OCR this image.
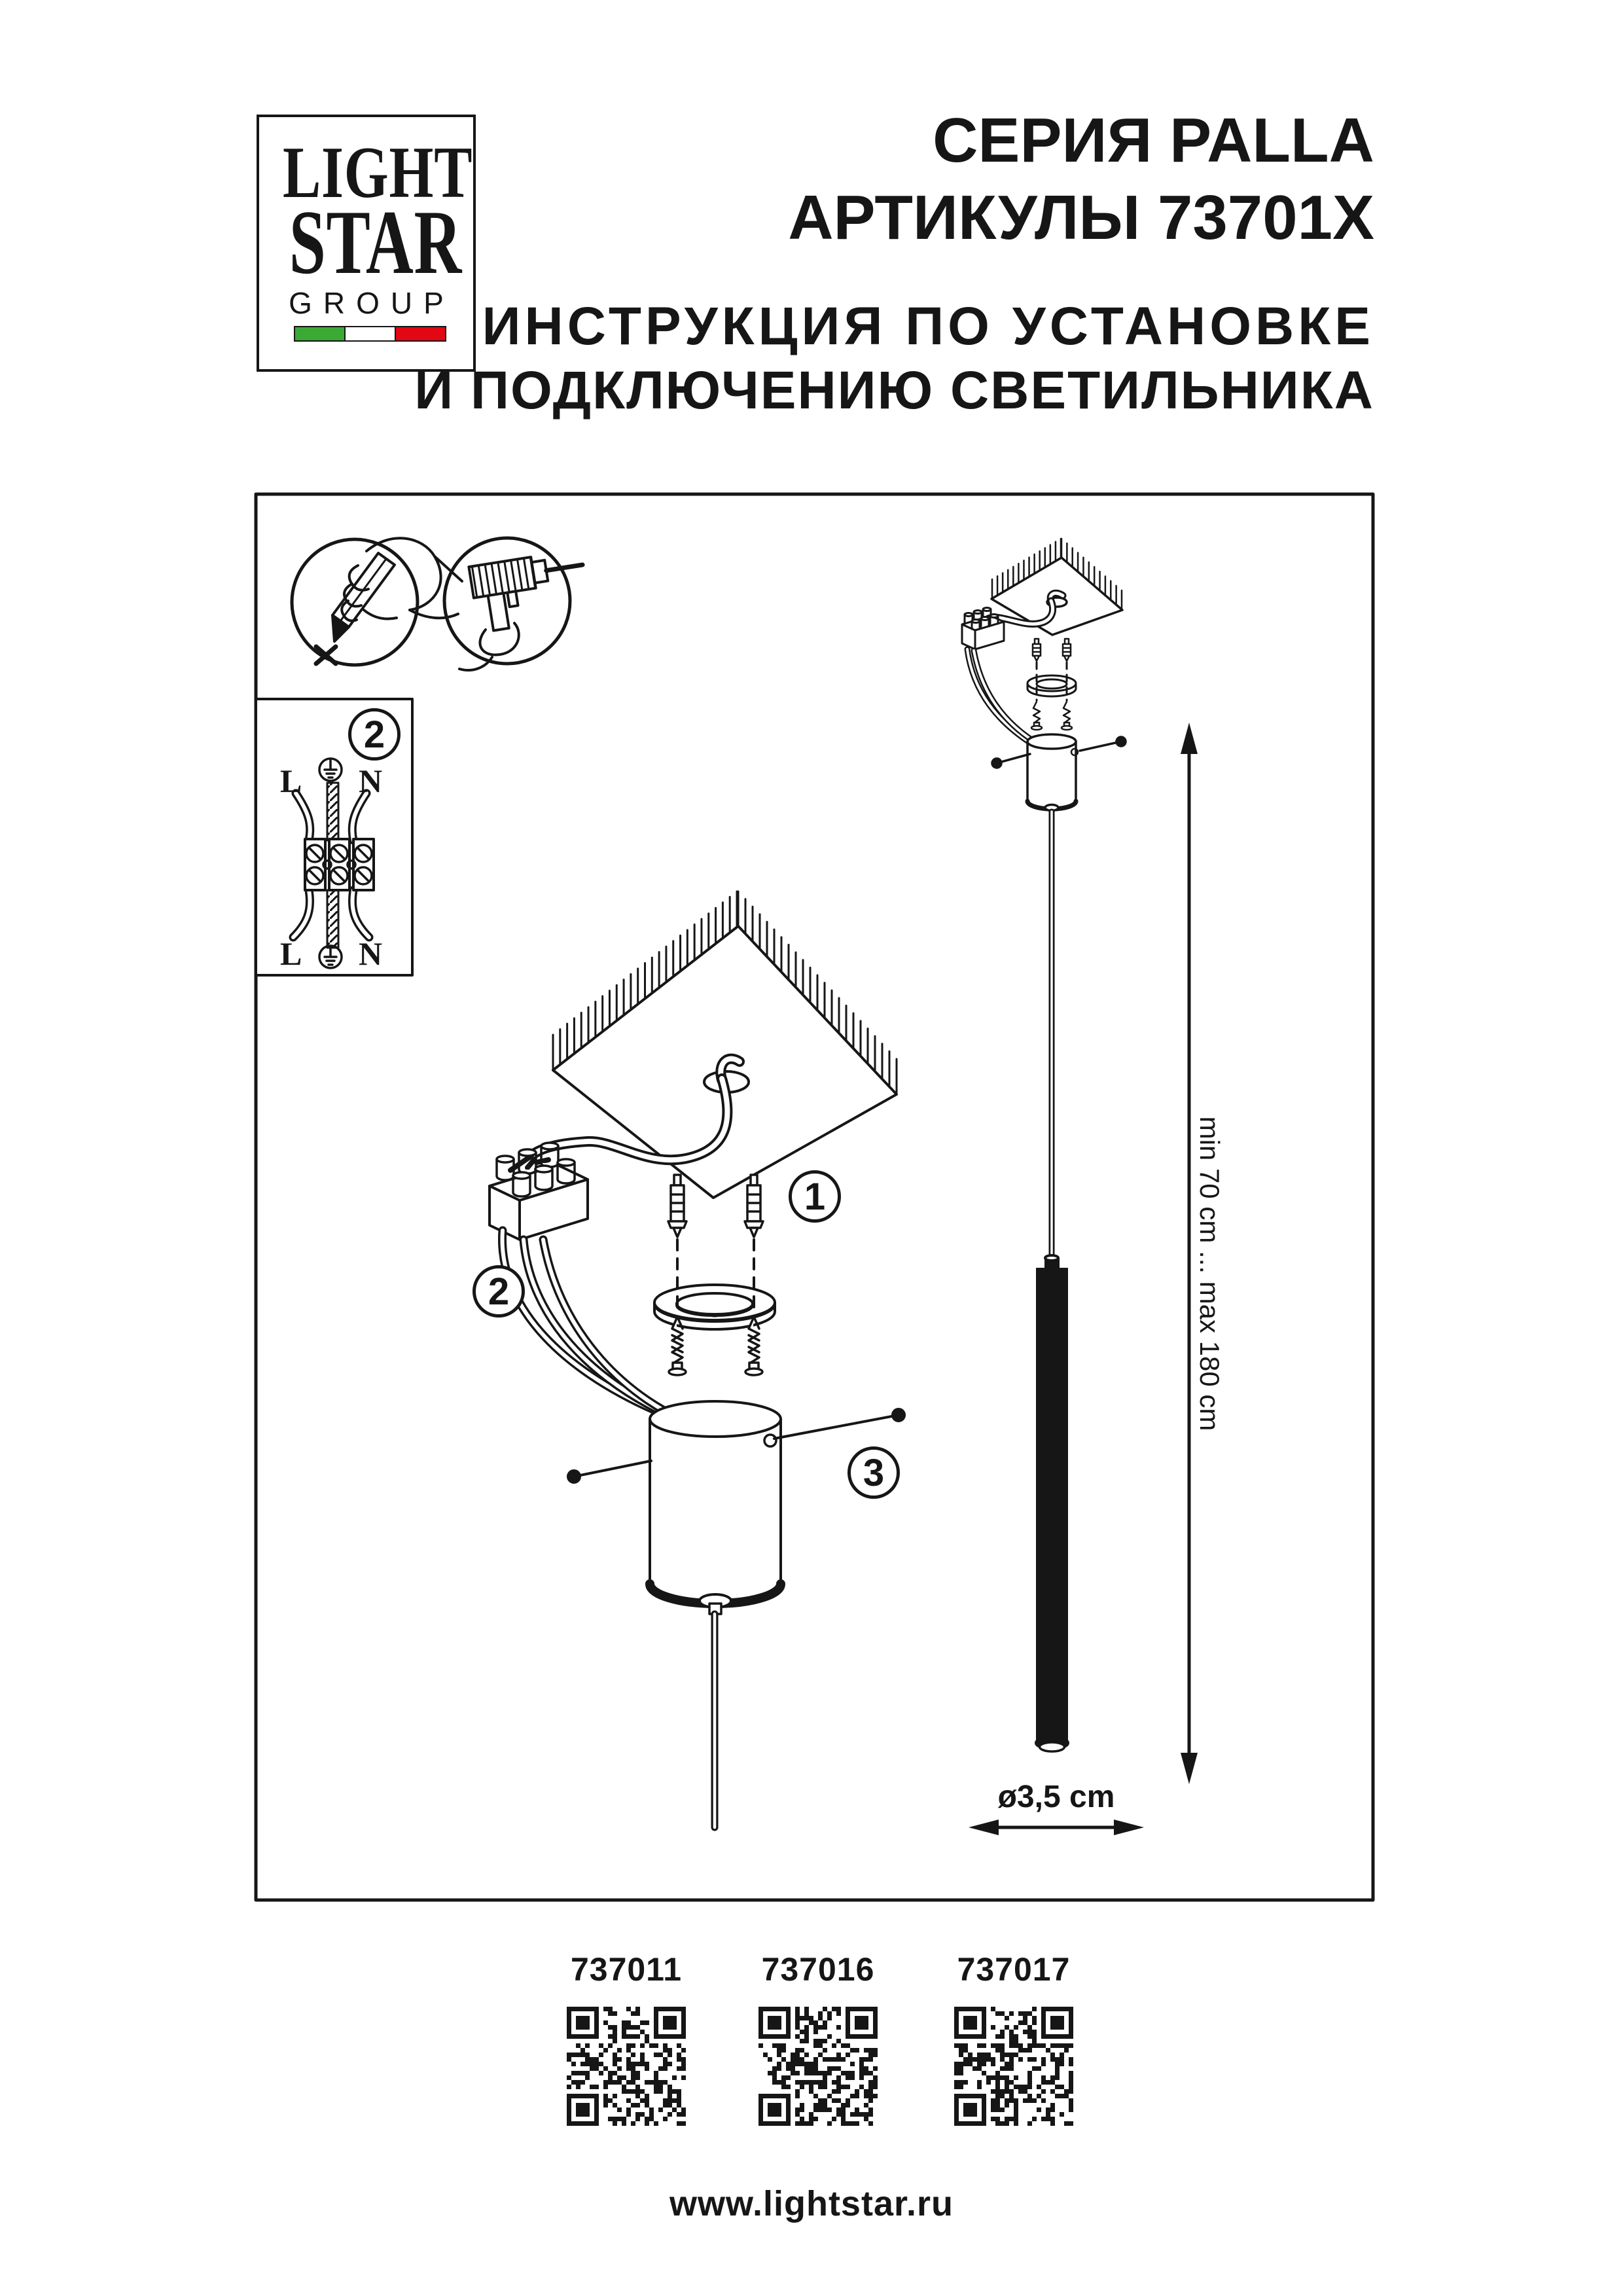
LIGHT
STAR
GROUP
СЕРИЯ PALLA
АРТИКУЛЫ 73701X
ИНСТРУКЦИЯ ПО УСТАНОВКЕ
И ПОДКЛЮЧЕНИЮ СВЕТИЛЬНИКА
2
L N
L N
1
2
3
min 70 cm ... max 180 cm
ø3,5 cm
737011 737016	737017
www.lightstar.ru
